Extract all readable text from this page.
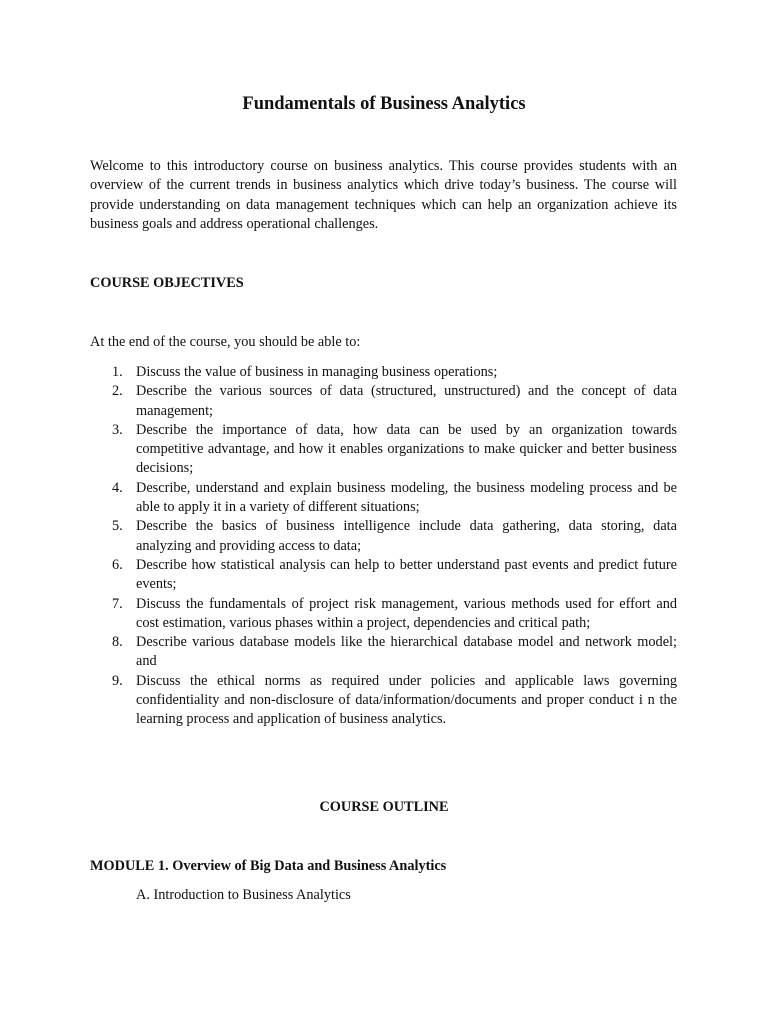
Fundamentals of Business Analytics

Welcome to this introductory course on business analytics. This course provides students with an overview of the current trends in business analytics which drive today’s business. The course will provide understanding on data management techniques which can help an organization achieve its business goals and address operational challenges.

COURSE OBJECTIVES

At the end of the course, you should be able to:

1. Discuss the value of business in managing business operations;
2. Describe the various sources of data (structured, unstructured) and the concept of data management;
3. Describe the importance of data, how data can be used by an organization towards competitive advantage, and how it enables organizations to make quicker and better business decisions;
4. Describe, understand and explain business modeling, the business modeling process and be able to apply it in a variety of different situations;
5. Describe the basics of business intelligence include data gathering, data storing, data analyzing and providing access to data;
6. Describe how statistical analysis can help to better understand past events and predict future events;
7. Discuss the fundamentals of project risk management, various methods used for effort and cost estimation, various phases within a project, dependencies and critical path;
8. Describe various database models like the hierarchical database model and network model; and
9. Discuss the ethical norms as required under policies and applicable laws governing confidentiality and non-disclosure of data/information/documents and proper conduct i n the learning process and application of business analytics.
COURSE OUTLINE
MODULE 1. Overview of Big Data and Business Analytics

A. Introduction to Business Analytics
